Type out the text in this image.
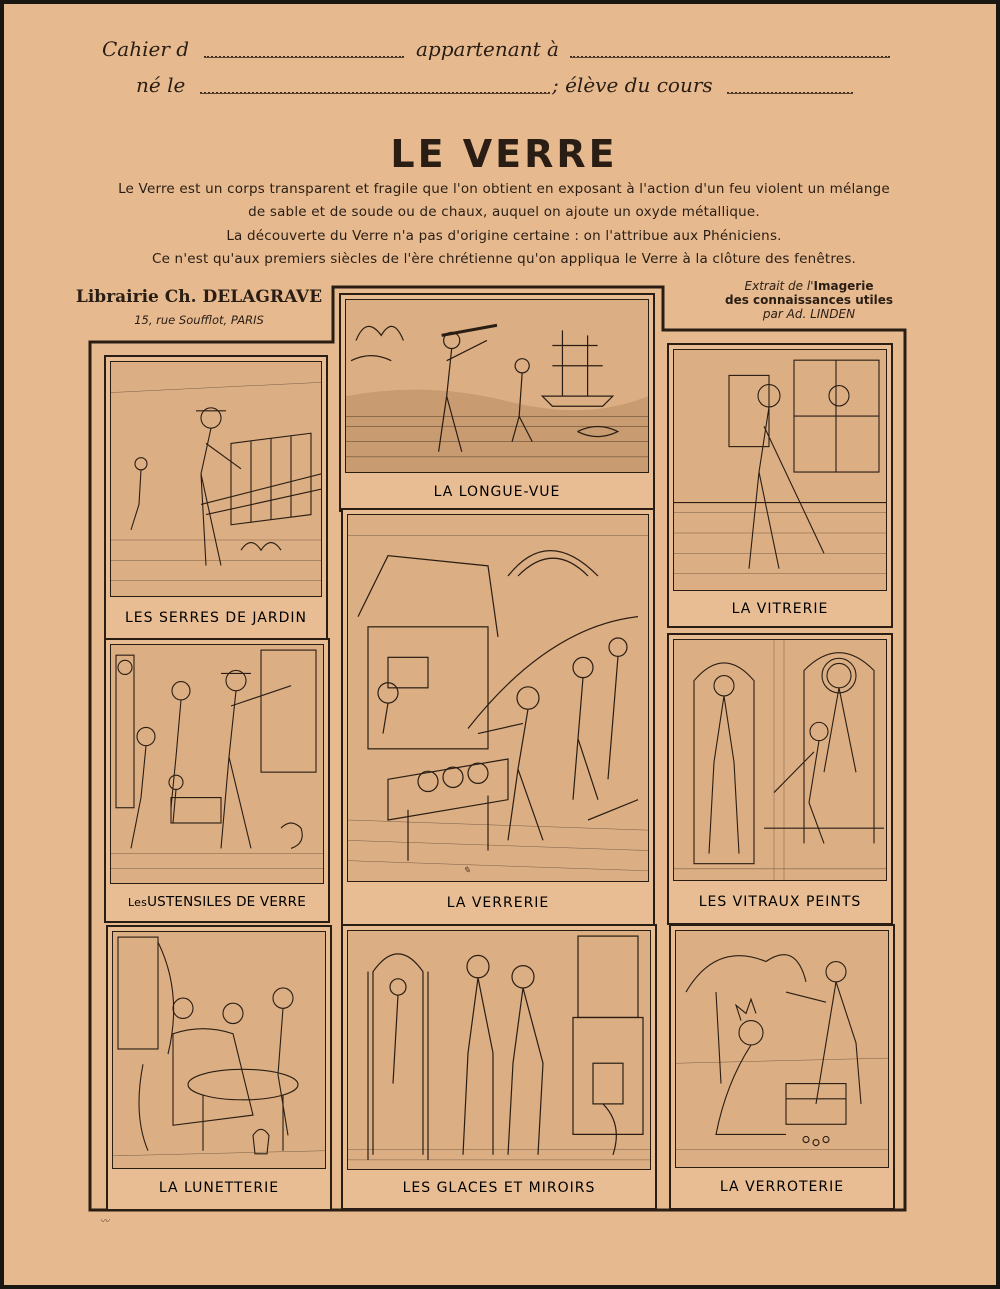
Cahier d	appartenant à
né le	; élève du cours
LE VERRE
Le Verre est un corps transparent et fragile que l'on obtient en exposant à l'action d'un feu violent un mélange
de sable et de soude ou de chaux, auquel on ajoute un oxyde métallique.
La découverte du Verre n'a pas d'origine certaine : on l'attribue aux Phéniciens.
Ce n'est qu'aux premiers siècles de l'ère chrétienne qu'on appliqua le Verre à la clôture des fenêtres.
Librairie Ch. DELAGRAVE
15, rue Soufflot, PARIS
Extrait de l'Imagerie
des connaissances utiles
par Ad. LINDEN
LA LONGUE-VUE
LES SERRES DE JARDIN
LA VITRERIE
LA VERRERIE
✎
Les USTENSILES DE VERRE	LES VITRAUX PEINTS
LA LUNETTERIE	LES GLACES ET MIROIRS	LA VERROTERIE
〰
